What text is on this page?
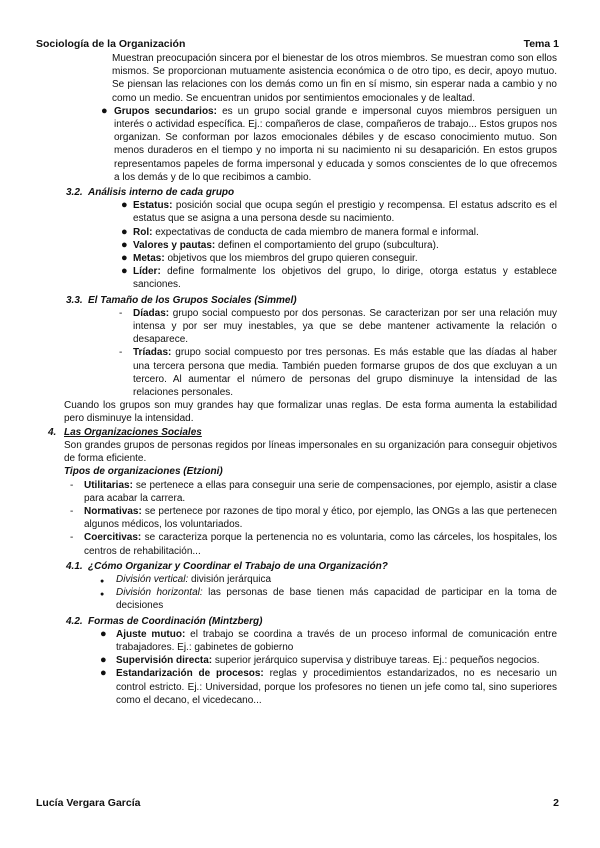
Sociología de la Organización	Tema 1

Muestran preocupación sincera por el bienestar de los otros miembros. Se muestran como son ellos mismos. Se proporcionan mutuamente asistencia económica o de otro tipo, es decir, apoyo mutuo. Se piensan las relaciones con los demás como un fin en sí mismo, sin esperar nada a cambio y no como un medio. Se encuentran unidos por sentimientos emocionales y de lealtad.

● Grupos secundarios: es un grupo social grande e impersonal cuyos miembros persiguen un interés o actividad específica. Ej.: compañeros de clase, compañeros de trabajo... Estos grupos nos organizan. Se conforman por lazos emocionales débiles y de escaso conocimiento mutuo. Son menos duraderos en el tiempo y no importa ni su nacimiento ni su desaparición. En estos grupos representamos papeles de forma impersonal y educada y somos conscientes de lo que ofrecemos a los demás y de lo que recibimos a cambio.
3.2. Análisis interno de cada grupo
● Estatus: posición social que ocupa según el prestigio y recompensa. El estatus adscrito es el estatus que se asigna a una persona desde su nacimiento.
● Rol: expectativas de conducta de cada miembro de manera formal e informal.
● Valores y pautas: definen el comportamiento del grupo (subcultura).
● Metas: objetivos que los miembros del grupo quieren conseguir.
● Líder: define formalmente los objetivos del grupo, lo dirige, otorga estatus y establece sanciones.
3.3. El Tamaño de los Grupos Sociales (Simmel)
- Díadas: grupo social compuesto por dos personas. Se caracterizan por ser una relación muy intensa y por ser muy inestables, ya que se debe mantener activamente la relación o desaparece.
- Tríadas: grupo social compuesto por tres personas. Es más estable que las díadas al haber una tercera persona que media. También pueden formarse grupos de dos que excluyan a un tercero. Al aumentar el número de personas del grupo disminuye la intensidad de las relaciones personales.

Cuando los grupos son muy grandes hay que formalizar unas reglas. De esta forma aumenta la estabilidad pero disminuye la intensidad.

4. Las Organizaciones Sociales

Son grandes grupos de personas regidos por líneas impersonales en su organización para conseguir objetivos de forma eficiente.

Tipos de organizaciones (Etzioni)
- Utilitarias: se pertenece a ellas para conseguir una serie de compensaciones, por ejemplo, asistir a clase para acabar la carrera.
- Normativas: se pertenece por razones de tipo moral y ético, por ejemplo, las ONGs a las que pertenecen algunos médicos, los voluntariados.
- Coercitivas: se caracteriza porque la pertenencia no es voluntaria, como las cárceles, los hospitales, los centros de rehabilitación...
4.1. ¿Cómo Organizar y Coordinar el Trabajo de una Organización?
● División vertical: división jerárquica
● División horizontal: las personas de base tienen más capacidad de participar en la toma de decisiones
4.2. Formas de Coordinación (Mintzberg)
● Ajuste mutuo: el trabajo se coordina a través de un proceso informal de comunicación entre trabajadores. Ej.: gabinetes de gobierno
● Supervisión directa: superior jerárquico supervisa y distribuye tareas. Ej.: pequeños negocios.
● Estandarización de procesos: reglas y procedimientos estandarizados, no es necesario un control estricto. Ej.: Universidad, porque los profesores no tienen un jefe como tal, sino superiores como el decano, el vicedecano...
Lucía Vergara García	2
